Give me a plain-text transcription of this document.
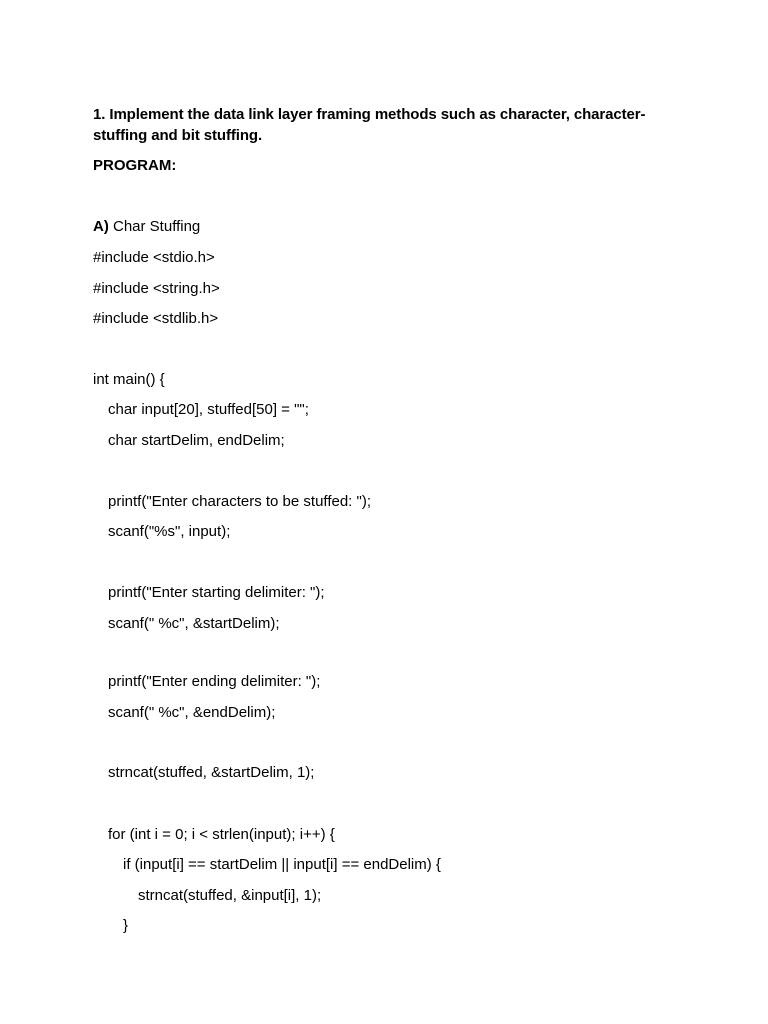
1. Implement the data link layer framing methods such as character, character-stuffing and bit stuffing.
PROGRAM:
A) Char Stuffing
#include <stdio.h>
#include <string.h>
#include <stdlib.h>
int main() {
char input[20], stuffed[50] = "";
char startDelim, endDelim;
printf("Enter characters to be stuffed: ");
scanf("%s", input);
printf("Enter starting delimiter: ");
scanf(" %c", &startDelim);
printf("Enter ending delimiter: ");
scanf(" %c", &endDelim);
strncat(stuffed, &startDelim, 1);
for (int i = 0; i < strlen(input); i++) {
if (input[i] == startDelim || input[i] == endDelim) {
strncat(stuffed, &input[i], 1);
}
